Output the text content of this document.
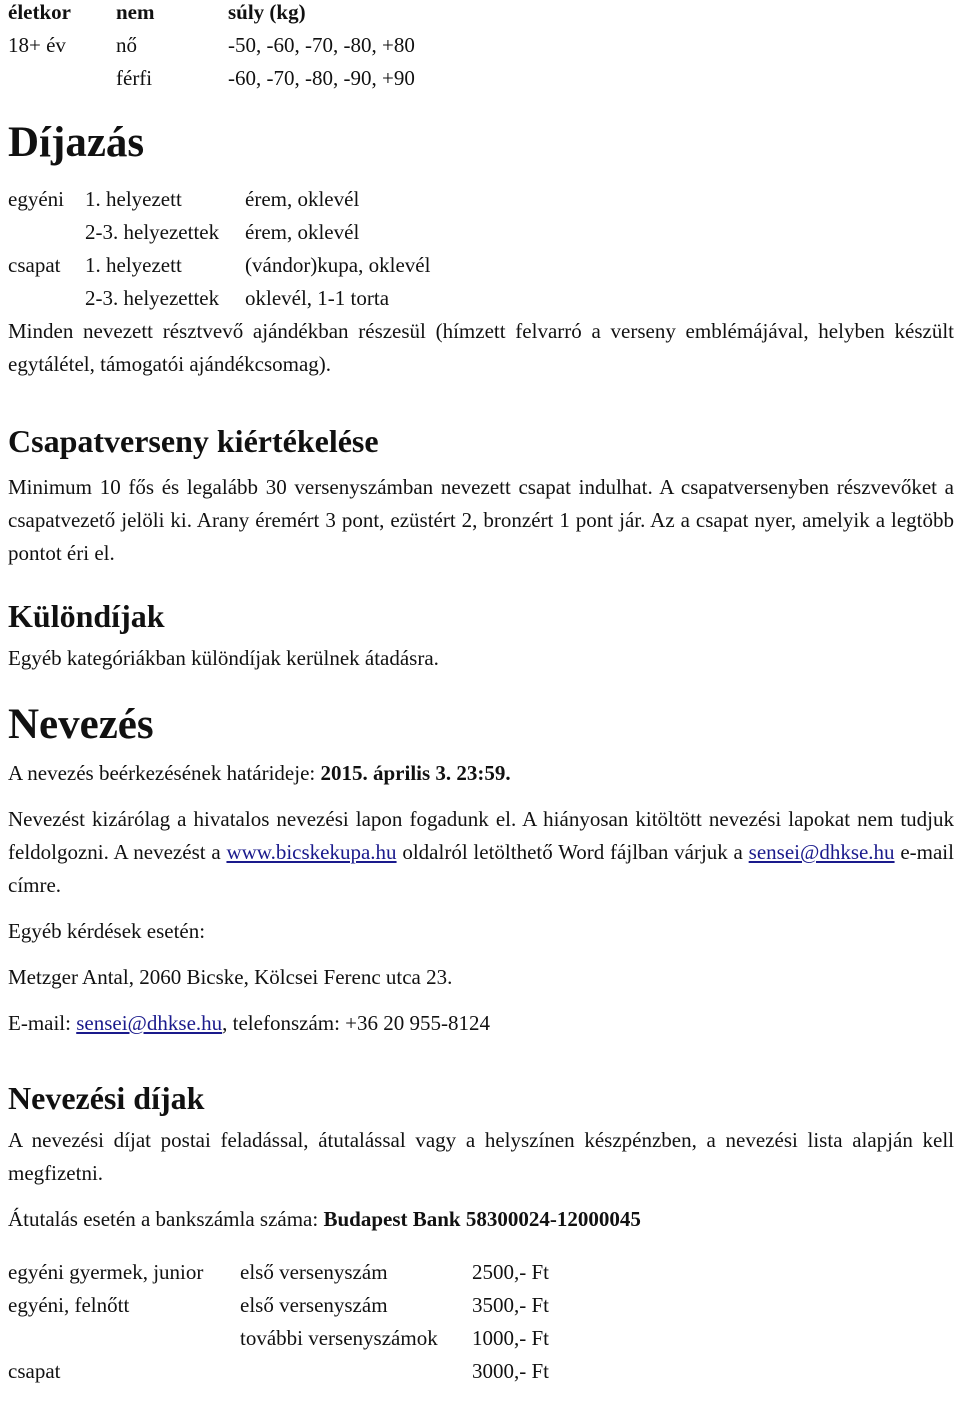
életkor	nem	súly (kg)
18+ év	nő	-50, -60, -70, -80, +80
	férfi	-60, -70, -80, -90, +90
Díjazás
egyéni	1. helyezett	érem, oklevél
	2-3. helyezettek	érem, oklevél
csapat	1. helyezett	(vándor)kupa, oklevél
	2-3. helyezettek	oklevél, 1-1 torta

Minden nevezett résztvevő ajándékban részesül (hímzett felvarró a verseny emblémájával, helyben készült egytálétel, támogatói ajándékcsomag).

Csapatverseny kiértékelése

Minimum 10 fős és legalább 30 versenyszámban nevezett csapat indulhat. A csapatversenyben részvevőket a csapatvezető jelöli ki. Arany éremért 3 pont, ezüstért 2, bronzért 1 pont jár. Az a csapat nyer, amelyik a legtöbb pontot éri el.

Különdíjak

Egyéb kategóriákban különdíjak kerülnek átadásra.

Nevezés

A nevezés beérkezésének határideje: 2015. április 3. 23:59.

Nevezést kizárólag a hivatalos nevezési lapon fogadunk el. A hiányosan kitöltött nevezési lapokat nem tudjuk feldolgozni. A nevezést a www.bicskekupa.hu oldalról letölthető Word fájlban várjuk a sensei@dhkse.hu e-mail címre.

Egyéb kérdések esetén:

Metzger Antal, 2060 Bicske, Kölcsei Ferenc utca 23.

E-mail: sensei@dhkse.hu, telefonszám: +36 20 955-8124

Nevezési díjak

A nevezési díjat postai feladással, átutalással vagy a helyszínen készpénzben, a nevezési lista alapján kell megfizetni.

Átutalás esetén a bankszámla száma: Budapest Bank 58300024-12000045

egyéni gyermek, junior	első versenyszám	2500,- Ft
egyéni, felnőtt	első versenyszám	3500,- Ft
	további versenyszámok	1000,- Ft
csapat		3000,- Ft
